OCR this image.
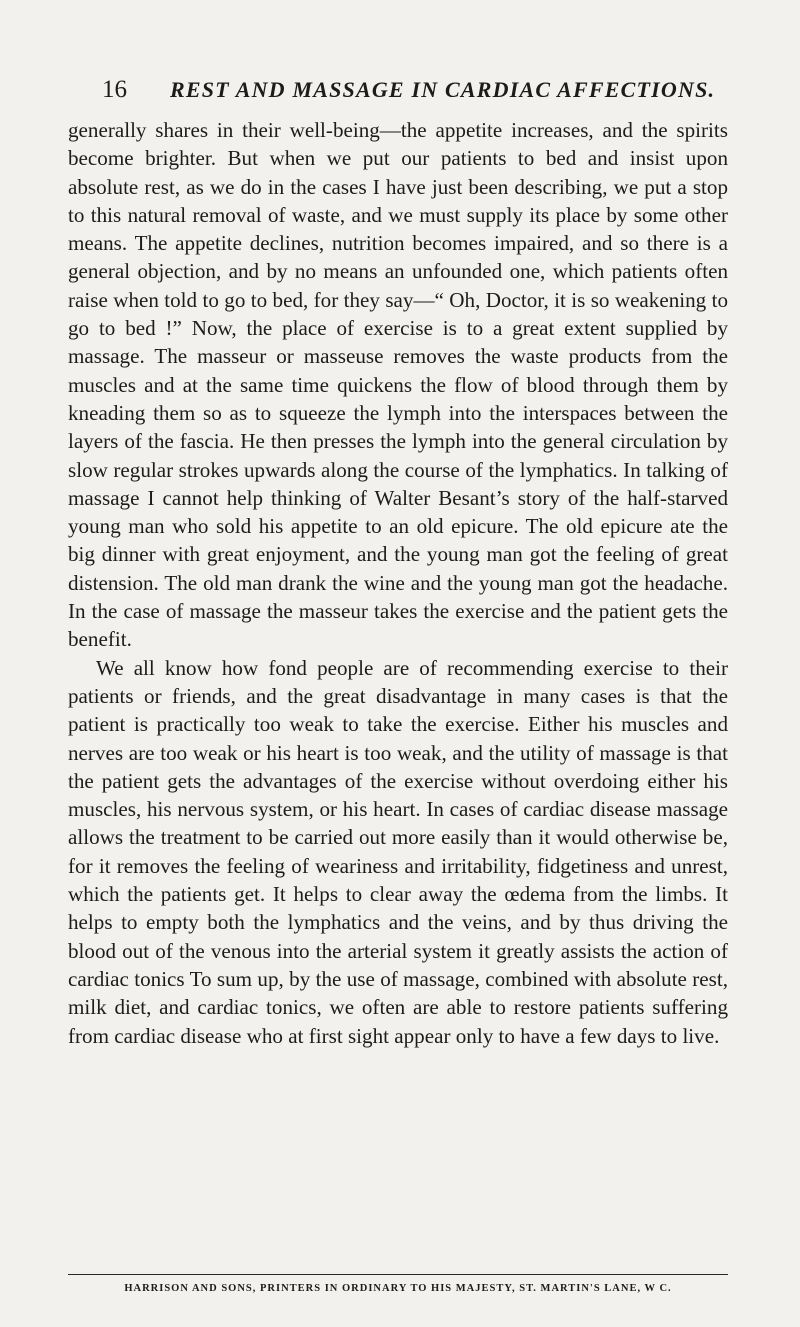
16 REST AND MASSAGE IN CARDIAC AFFECTIONS.

generally shares in their well-being—the appetite increases, and the spirits become brighter. But when we put our patients to bed and insist upon absolute rest, as we do in the cases I have just been describing, we put a stop to this natural removal of waste, and we must supply its place by some other means. The appetite declines, nutrition becomes impaired, and so there is a general objection, and by no means an unfounded one, which patients often raise when told to go to bed, for they say—“ Oh, Doctor, it is so weakening to go to bed !” Now, the place of exercise is to a great extent supplied by massage. The masseur or masseuse removes the waste products from the muscles and at the same time quickens the flow of blood through them by kneading them so as to squeeze the lymph into the interspaces between the layers of the fascia. He then presses the lymph into the general circulation by slow regular strokes upwards along the course of the lymphatics. In talking of massage I cannot help thinking of Walter Besant’s story of the half-starved young man who sold his appetite to an old epicure. The old epicure ate the big dinner with great enjoyment, and the young man got the feeling of great distension. The old man drank the wine and the young man got the headache. In the case of massage the masseur takes the exercise and the patient gets the benefit.

We all know how fond people are of recommending exercise to their patients or friends, and the great disadvantage in many cases is that the patient is practically too weak to take the exercise. Either his muscles and nerves are too weak or his heart is too weak, and the utility of massage is that the patient gets the advantages of the exercise without overdoing either his muscles, his nervous system, or his heart. In cases of cardiac disease massage allows the treatment to be carried out more easily than it would otherwise be, for it removes the feeling of weariness and irritability, fidgetiness and unrest, which the patients get. It helps to clear away the œdema from the limbs. It helps to empty both the lymphatics and the veins, and by thus driving the blood out of the venous into the arterial system it greatly assists the action of cardiac tonics To sum up, by the use of massage, combined with absolute rest, milk diet, and cardiac tonics, we often are able to restore patients suffering from cardiac disease who at first sight appear only to have a few days to live.

HARRISON AND SONS, PRINTERS IN ORDINARY TO HIS MAJESTY, ST. MARTIN'S LANE, W C.
